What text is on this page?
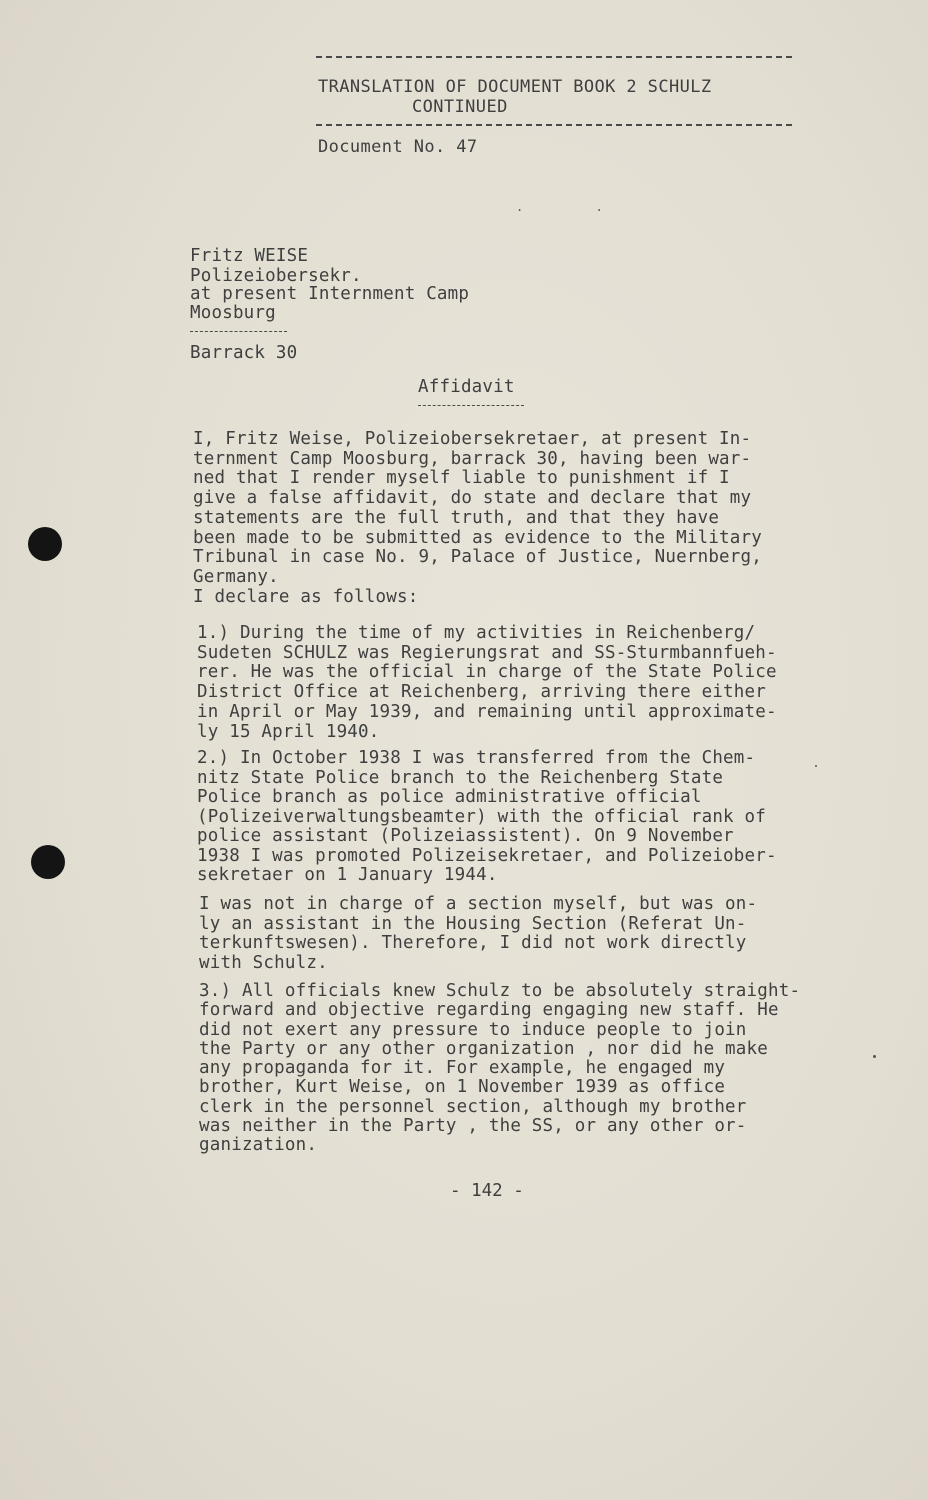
TRANSLATION OF DOCUMENT BOOK 2 SCHULZ
CONTINUED
Document No. 47
.          .
Fritz WEISE
Polizeiobersekr.
at present Internment Camp
Moosburg
Barrack 30
Affidavit
I, Fritz Weise, Polizeiobersekretaer, at present In-
ternment Camp Moosburg, barrack 30, having been war-
ned that I render myself liable to punishment if I
give a false affidavit, do state and declare that my
statements are the full truth, and that they have
been made to be submitted as evidence to the Military
Tribunal in case No. 9, Palace of Justice, Nuernberg,
Germany.
I declare as follows:
1.) During the time of my activities in Reichenberg/
Sudeten SCHULZ was Regierungsrat and SS-Sturmbannfueh-
rer. He was the official in charge of the State Police
District Office at Reichenberg, arriving there either
in April or May 1939, and remaining until approximate-
ly 15 April 1940.
2.) In October 1938 I was transferred from the Chem-
nitz State Police branch to the Reichenberg State
Police branch as police administrative official
(Polizeiverwaltungsbeamter) with the official rank of
police assistant (Polizeiassistent). On 9 November
1938 I was promoted Polizeisekretaer, and Polizeiober-
sekretaer on 1 January 1944.
I was not in charge of a section myself, but was on-
ly an assistant in the Housing Section (Referat Un-
terkunftswesen). Therefore, I did not work directly
with Schulz.
3.) All officials knew Schulz to be absolutely straight-
forward and objective regarding engaging new staff. He
did not exert any pressure to induce people to join
the Party or any other organization , nor did he make
any propaganda for it. For example, he engaged my
brother, Kurt Weise, on 1 November 1939 as office
clerk in the personnel section, although my brother
was neither in the Party , the SS, or any other or-
ganization.
- 142 -
